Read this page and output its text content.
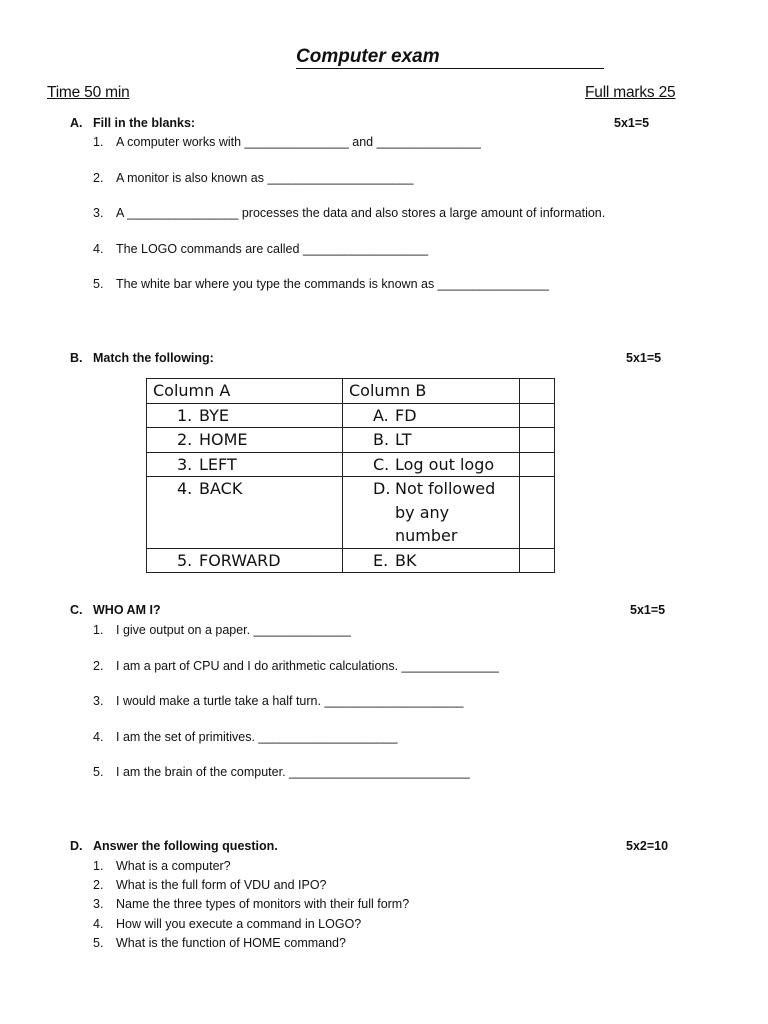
Computer exam
Time 50 min	Full marks 25
A. Fill in the blanks:	5x1=5
1. A computer works with _______________ and _______________
2. A monitor is also known as _____________________
3. A ________________ processes the data and also stores a large amount of information.
4. The LOGO commands are called __________________
5. The white bar where you type the commands is known as ________________
B. Match the following:	5x1=5
Column A	Column B	

1. BYE	A. FD	

2. HOME	B. LT	

3. LEFT	C. Log out logo	

4. BACK	D. Not followed by any number	

5. FORWARD	E. BK	

C. WHO AM I?	5x1=5
1. I give output on a paper. ______________
2. I am a part of CPU and I do arithmetic calculations. ______________
3. I would make a turtle take a half turn. ____________________
4. I am the set of primitives. ____________________
5. I am the brain of the computer. __________________________
D. Answer the following question.	5x2=10
1. What is a computer?
2. What is the full form of VDU and IPO?
3. Name the three types of monitors with their full form?
4. How will you execute a command in LOGO?
5. What is the function of HOME command?
